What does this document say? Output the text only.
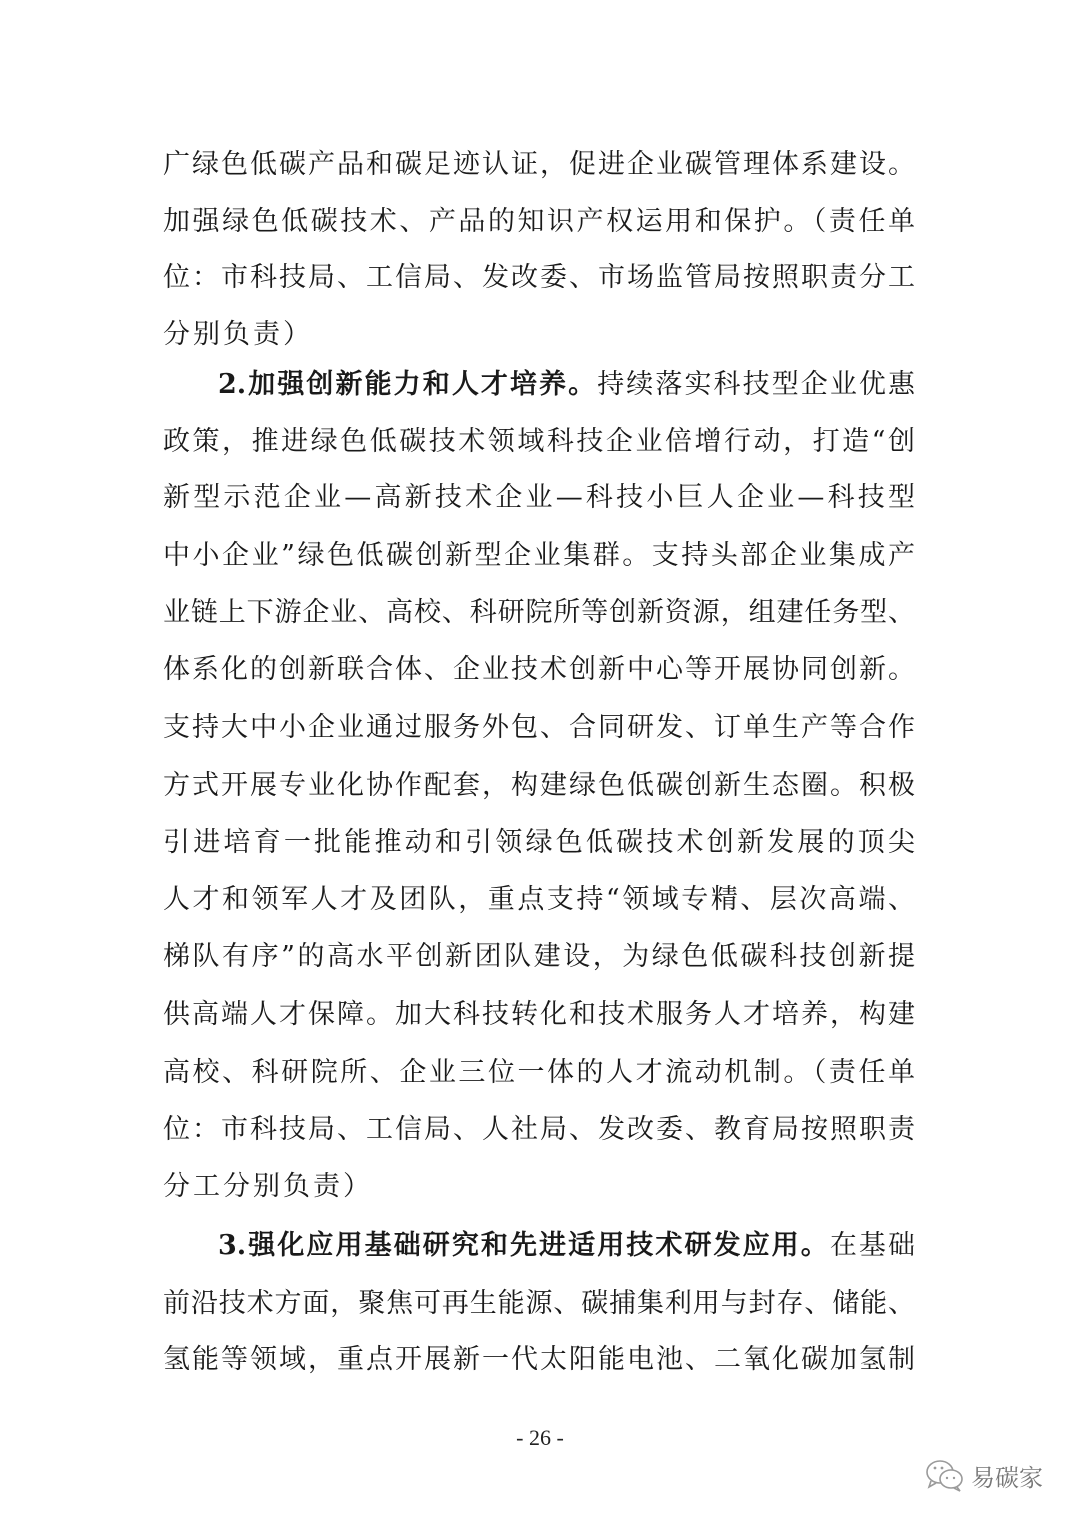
广绿色低碳产品和碳足迹认证，促进企业碳管理体系建设。
加强绿色低碳技术、产品的知识产权运用和保护。（责任单
位：市科技局、工信局、发改委、市场监管局按照职责分工
分别负责）
2.加强创新能力和人才培养。持续落实科技型企业优惠
政策，推进绿色低碳技术领域科技企业倍增行动，打造“创
新型示范企业—高新技术企业—科技小巨人企业—科技型
中小企业”绿色低碳创新型企业集群。支持头部企业集成产
业链上下游企业、高校、科研院所等创新资源，组建任务型、
体系化的创新联合体、企业技术创新中心等开展协同创新。
支持大中小企业通过服务外包、合同研发、订单生产等合作
方式开展专业化协作配套，构建绿色低碳创新生态圈。积极
引进培育一批能推动和引领绿色低碳技术创新发展的顶尖
人才和领军人才及团队，重点支持“领域专精、层次高端、
梯队有序”的高水平创新团队建设，为绿色低碳科技创新提
供高端人才保障。加大科技转化和技术服务人才培养，构建
高校、科研院所、企业三位一体的人才流动机制。（责任单
位：市科技局、工信局、人社局、发改委、教育局按照职责
分工分别负责）
3.强化应用基础研究和先进适用技术研发应用。在基础
前沿技术方面，聚焦可再生能源、碳捕集利用与封存、储能、
氢能等领域，重点开展新一代太阳能电池、二氧化碳加氢制
- 26 -
易碳家
